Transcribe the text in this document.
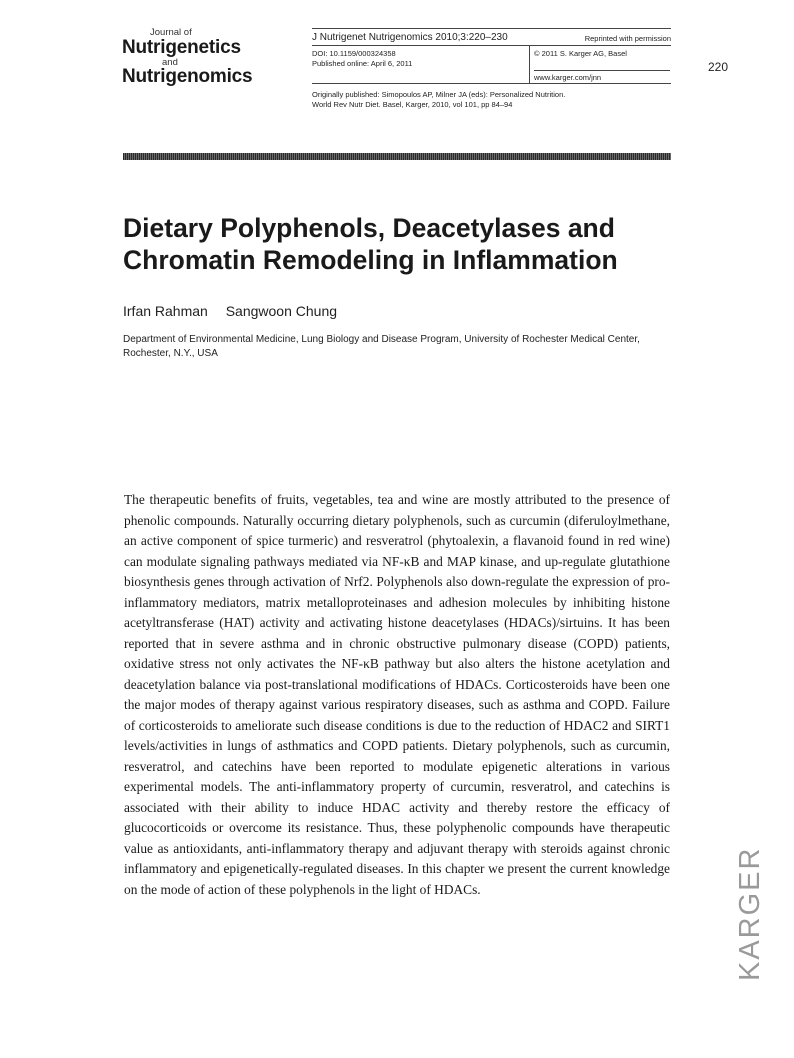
Journal of
Nutrigenetics
and
Nutrigenomics
J Nutrigenet Nutrigenomics 2010;3:220–230	Reprinted with permission
DOI: 10.1159/000324358
Published online: April 6, 2011
© 2011 S. Karger AG, Basel
www.karger.com/jnn
Originally published: Simopoulos AP, Milner JA (eds): Personalized Nutrition.
World Rev Nutr Diet. Basel, Karger, 2010, vol 101, pp 84–94
220
Dietary Polyphenols, Deacetylases and Chromatin Remodeling in Inflammation
Irfan Rahman Sangwoon Chung
Department of Environmental Medicine, Lung Biology and Disease Program, University of Rochester Medical Center, Rochester, N.Y., USA

The therapeutic benefits of fruits, vegetables, tea and wine are mostly attributed to the presence of phenolic compounds. Naturally occurring dietary polyphenols, such as curcumin (diferuloylmethane, an active component of spice turmeric) and resveratrol (phytoalexin, a flavanoid found in red wine) can modulate signaling pathways mediated via NF-κB and MAP kinase, and up-regulate glutathione biosynthesis genes through activation of Nrf2. Polyphenols also down-regulate the expression of pro-inflammatory mediators, matrix metalloproteinases and adhesion molecules by inhibiting histone acetyltransferase (HAT) activity and activating histone deacetylases (HDACs)/sirtuins. It has been reported that in severe asthma and in chronic obstructive pulmonary disease (COPD) patients, oxidative stress not only activates the NF-κB pathway but also alters the histone acetylation and deacetylation balance via post-translational modifications of HDACs. Corticosteroids have been one the major modes of therapy against various respiratory diseases, such as asthma and COPD. Failure of corticosteroids to ameliorate such disease conditions is due to the reduction of HDAC2 and SIRT1 levels/activities in lungs of asthmatics and COPD patients. Dietary polyphenols, such as curcumin, resveratrol, and catechins have been reported to modulate epigenetic alterations in various experimental models. The anti-inflammatory property of curcumin, resveratrol, and catechins is associated with their ability to induce HDAC activity and thereby restore the efficacy of glucocorticoids or overcome its resistance. Thus, these polyphenolic compounds have therapeutic value as antioxidants, anti-inflammatory therapy and adjuvant therapy with steroids against chronic inflammatory and epigenetically-regulated diseases. In this chapter we present the current knowledge on the mode of action of these polyphenols in the light of HDACs.	KARGER
